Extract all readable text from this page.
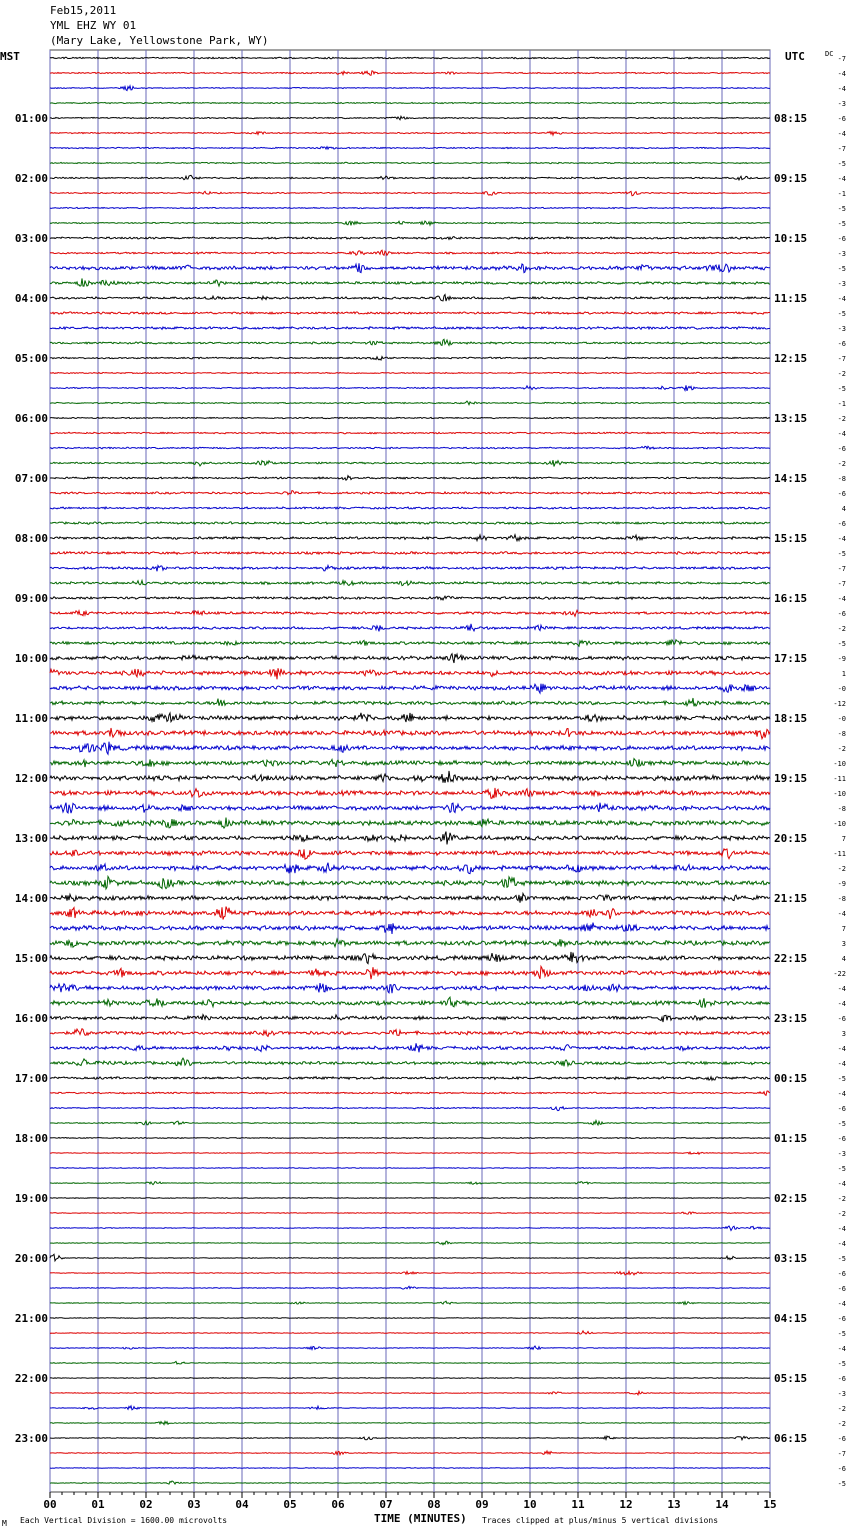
Feb15,2011
YML EHZ WY 01
(Mary Lake, Yellowstone Park, WY)
MST	UTC
00	01	02	03	04	05	06	07	08	09	10	11	12	13	14	15
-7
-4
-4
-3
-6
01:00	08:15
-4
-7
-5
-4
02:00	09:15
-1
-5
-5
-6
03:00	10:15
-3
-5
-3
-4
04:00	11:15
-5
-3
-6
-7
05:00	12:15
-2
-5
-1
-2
06:00	13:15
-4
-6
-2
-8
07:00	14:15
-6
4
-6
-4
08:00	15:15
-5
-7
-7
-4
09:00	16:15
-6
-2
-5
-9
10:00	17:15
1
-0
-12
-0
11:00	18:15
-8
-2
-10
-11
12:00	19:15
-10
-8
-10
7
13:00	20:15
-11
-2
-9
-8
14:00	21:15
-4
7
3
4
15:00	22:15
-22
-4
-4
-6
16:00	23:15
3
-4
-4
-5
17:00	00:15
-4
-6
-5
-6
18:00	01:15
-3
-5
-4
-2
19:00	02:15
-2
-4
-4
-5
20:00	03:15
-6
-6
-4
-6
21:00	04:15
-5
-4
-5
-6
22:00	05:15
-3
-2
-2
-6
23:00	06:15
-7
-6
-5
DC
M Each Vertical Division = 1600.00 microvolts	TIME (MINUTES) Traces clipped at plus/minus 5 vertical divisions
